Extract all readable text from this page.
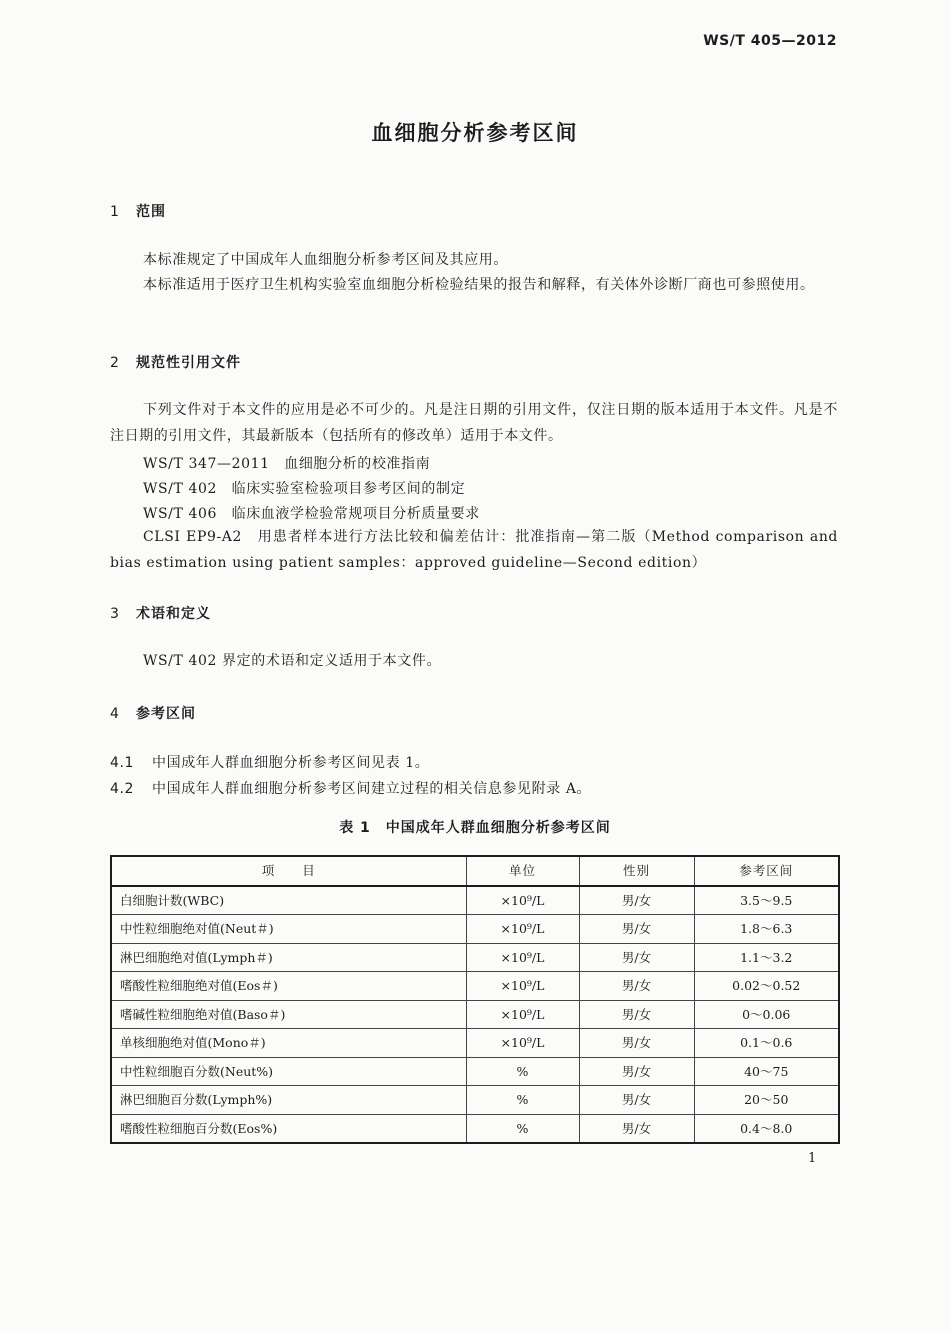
WS/T 405—2012
血细胞分析参考区间
1 范围
本标准规定了中国成年人血细胞分析参考区间及其应用。
本标准适用于医疗卫生机构实验室血细胞分析检验结果的报告和解释，有关体外诊断厂商也可参照使用。
2 规范性引用文件
下列文件对于本文件的应用是必不可少的。凡是注日期的引用文件，仅注日期的版本适用于本文件。凡是不注日期的引用文件，其最新版本（包括所有的修改单）适用于本文件。
WS/T 347—2011　血细胞分析的校准指南
WS/T 402　临床实验室检验项目参考区间的制定
WS/T 406　临床血液学检验常规项目分析质量要求
CLSI EP9-A2　用患者样本进行方法比较和偏差估计：批准指南—第二版（Method comparison and bias estimation using patient samples：approved guideline—Second edition）
3 术语和定义
WS/T 402 界定的术语和定义适用于本文件。
4 参考区间
4.1 中国成年人群血细胞分析参考区间见表 1。
4.2 中国成年人群血细胞分析参考区间建立过程的相关信息参见附录 A。
表 1　中国成年人群血细胞分析参考区间
项　　目	单位	性别	参考区间
白细胞计数(WBC)	×10⁹/L	男/女	3.5～9.5
中性粒细胞绝对值(Neut＃)	×10⁹/L	男/女	1.8～6.3
淋巴细胞绝对值(Lymph＃)	×10⁹/L	男/女	1.1～3.2
嗜酸性粒细胞绝对值(Eos＃)	×10⁹/L	男/女	0.02～0.52
嗜碱性粒细胞绝对值(Baso＃)	×10⁹/L	男/女	0～0.06
单核细胞绝对值(Mono＃)	×10⁹/L	男/女	0.1～0.6
中性粒细胞百分数(Neut%)	%	男/女	40～75
淋巴细胞百分数(Lymph%)	%	男/女	20～50
嗜酸性粒细胞百分数(Eos%)	%	男/女	0.4～8.0
1
